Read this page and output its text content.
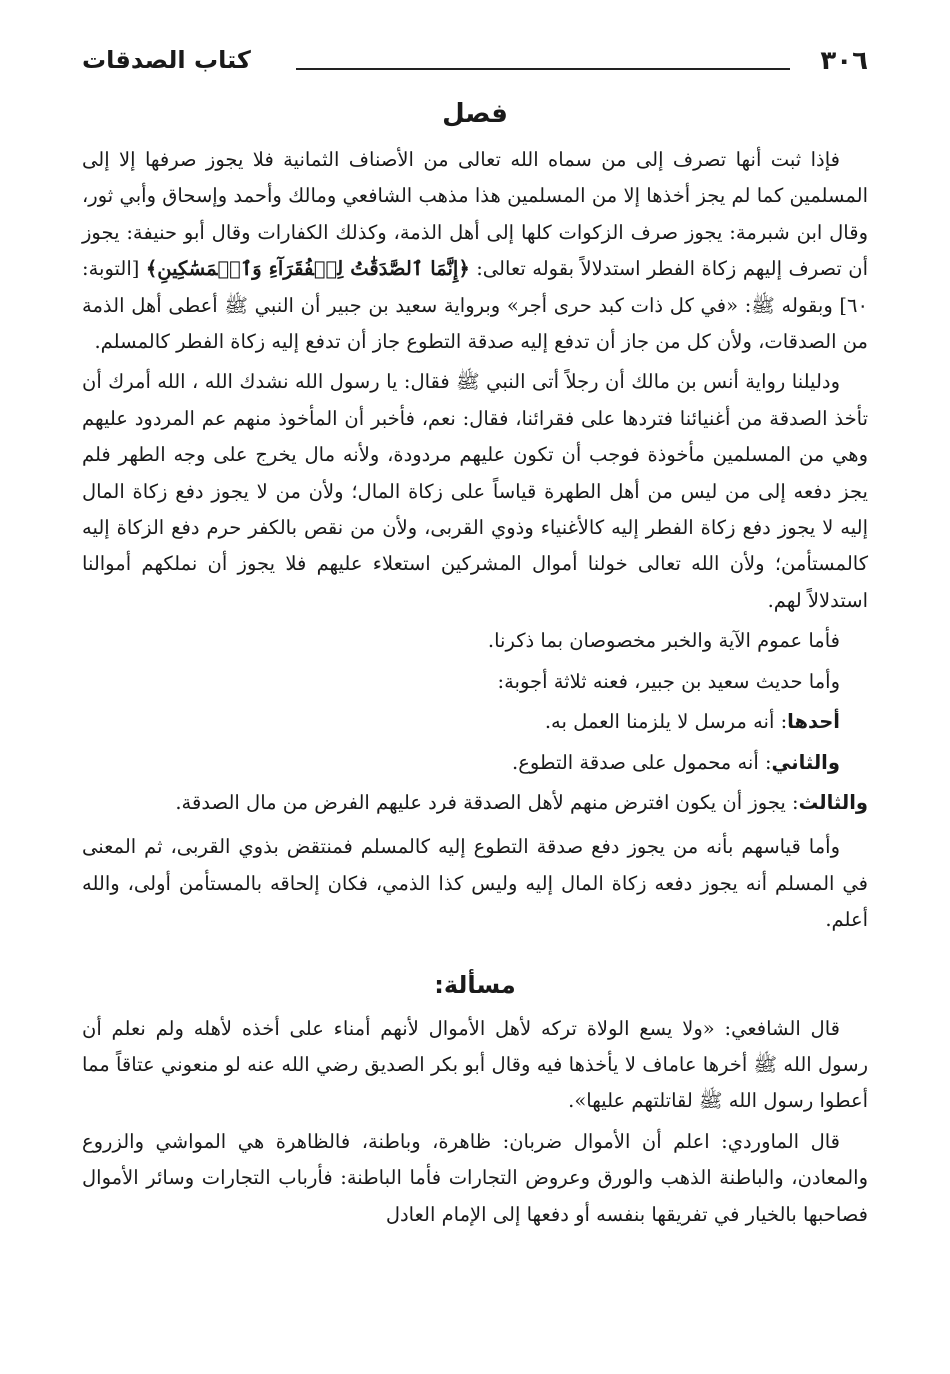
٣٠٦
كتاب الصدقات
فصل

فإذا ثبت أنها تصرف إلى من سماه الله تعالى من الأصناف الثمانية فلا يجوز صرفها إلا إلى المسلمين كما لم يجز أخذها إلا من المسلمين هذا مذهب الشافعي ومالك وأحمد وإسحاق وأبي ثور، وقال ابن شبرمة: يجوز صرف الزكوات كلها إلى أهل الذمة، وكذلك الكفارات وقال أبو حنيفة: يجوز أن تصرف إليهم زكاة الفطر استدلالاً بقوله تعالى: ﴿إِنَّمَا ٱلصَّدَقَٰتُ لِلۡفُقَرَآءِ وَٱلۡمَسَٰكِينِ﴾ [التوبة: ٦٠] وبقوله ﷺ: «في كل ذات كبد حرى أجر» وبرواية سعيد بن جبير أن النبي ﷺ أعطى أهل الذمة من الصدقات، ولأن كل من جاز أن تدفع إليه صدقة التطوع جاز أن تدفع إليه زكاة الفطر كالمسلم.

ودليلنا رواية أنس بن مالك أن رجلاً أتى النبي ﷺ فقال: يا رسول الله نشدك الله ، الله أمرك أن تأخذ الصدقة من أغنيائنا فتردها على فقرائنا، فقال: نعم، فأخبر أن المأخوذ منهم عم المردود عليهم وهي من المسلمين مأخوذة فوجب أن تكون عليهم مردودة، ولأنه مال يخرج على وجه الطهر فلم يجز دفعه إلى من ليس من أهل الطهرة قياساً على زكاة المال؛ ولأن من لا يجوز دفع زكاة المال إليه لا يجوز دفع زكاة الفطر إليه كالأغنياء وذوي القربى، ولأن من نقص بالكفر حرم دفع الزكاة إليه كالمستأمن؛ ولأن الله تعالى خولنا أموال المشركين استعلاء عليهم فلا يجوز أن نملكهم أموالنا استدلالاً لهم.

فأما عموم الآية والخبر مخصوصان بما ذكرنا.

وأما حديث سعيد بن جبير، فعنه ثلاثة أجوبة:

أحدها: أنه مرسل لا يلزمنا العمل به.

والثاني: أنه محمول على صدقة التطوع.

والثالث: يجوز أن يكون افترض منهم لأهل الصدقة فرد عليهم الفرض من مال الصدقة.

وأما قياسهم بأنه من يجوز دفع صدقة التطوع إليه كالمسلم فمنتقض بذوي القربى، ثم المعنى في المسلم أنه يجوز دفعه زكاة المال إليه وليس كذا الذمي، فكان إلحاقه بالمستأمن أولى، والله أعلم.

مسألة:

قال الشافعي: «ولا يسع الولاة تركه لأهل الأموال لأنهم أمناء على أخذه لأهله ولم نعلم أن رسول الله ﷺ أخرها عاماف لا يأخذها فيه وقال أبو بكر الصديق رضي الله عنه لو منعوني عتاقاً مما أعطوا رسول الله ﷺ لقاتلتهم عليها».

قال الماوردي: اعلم أن الأموال ضربان: ظاهرة، وباطنة، فالظاهرة هي المواشي والزروع والمعادن، والباطنة الذهب والورق وعروض التجارات فأما الباطنة: فأرباب التجارات وسائر الأموال فصاحبها بالخيار في تفريقها بنفسه أو دفعها إلى الإمام العادل
